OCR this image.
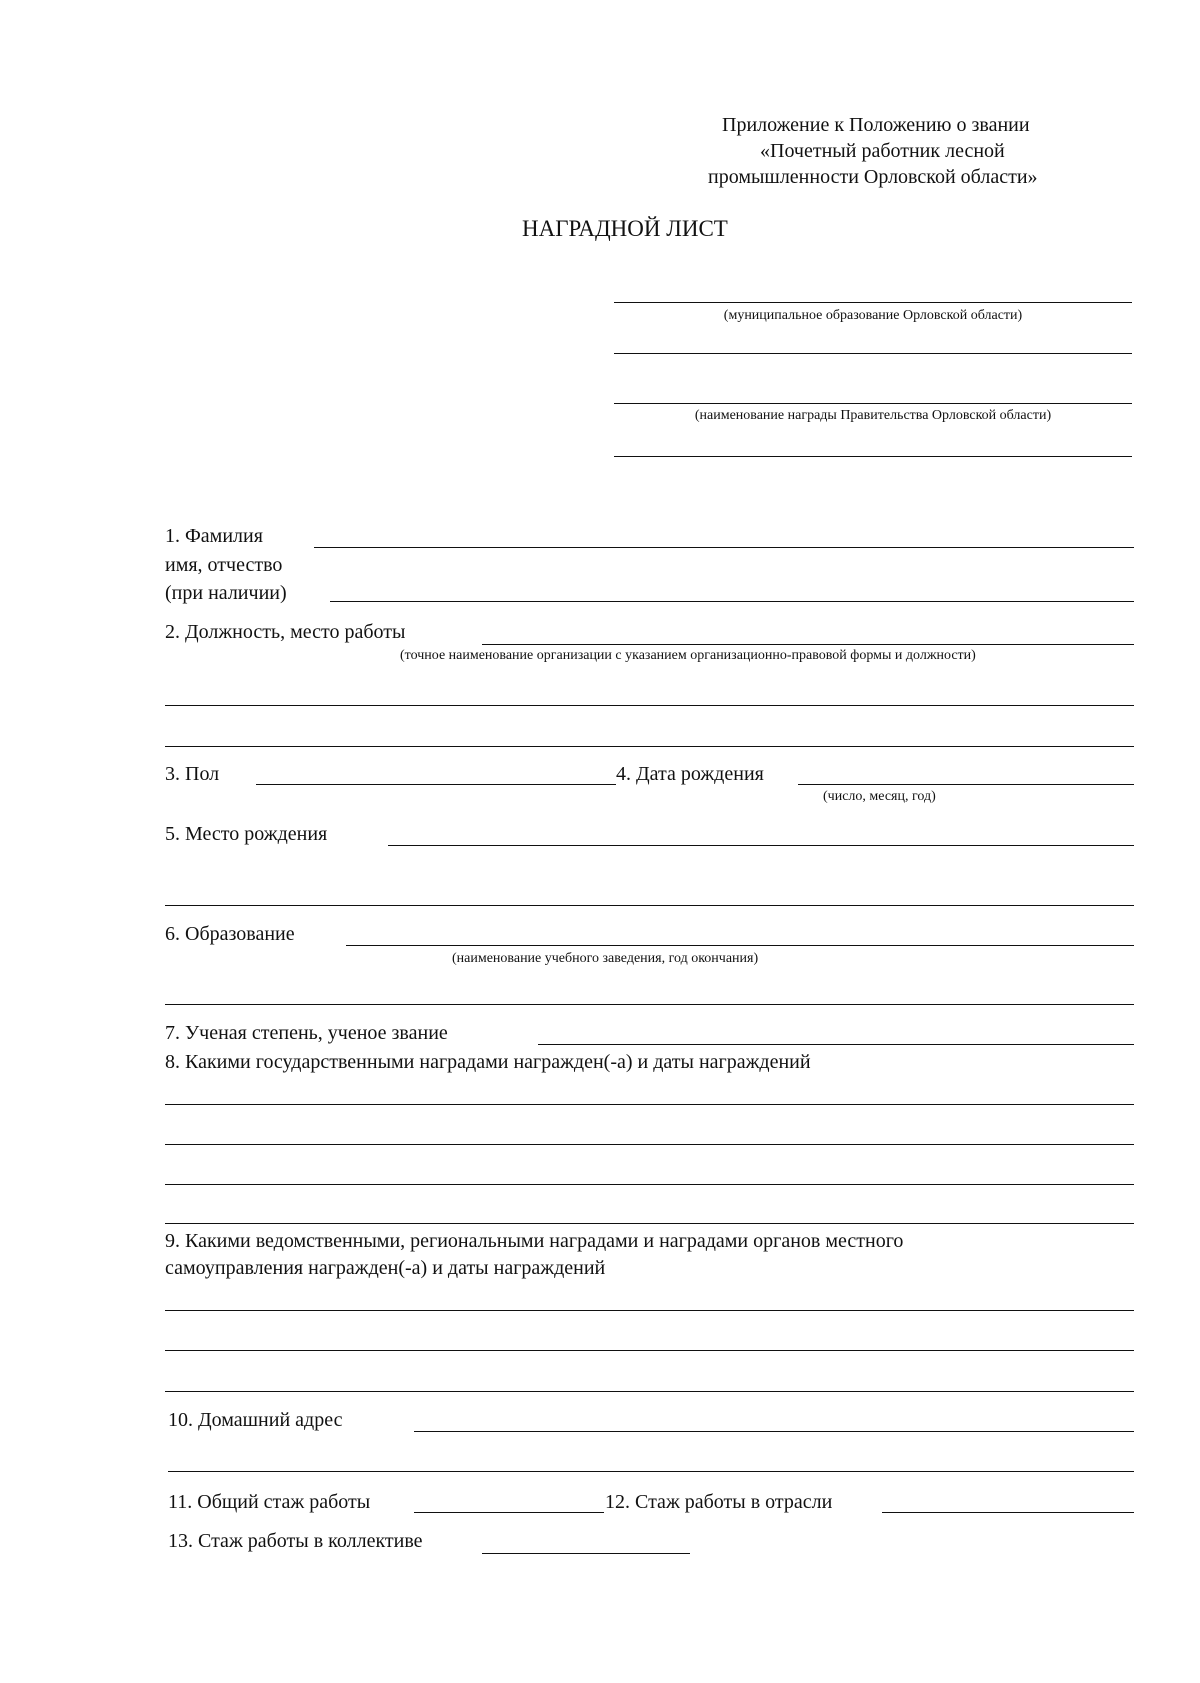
Приложение к Положению о звании
«Почетный работник лесной
промышленности Орловской области»
НАГРАДНОЙ ЛИСТ
(муниципальное образование Орловской области)
(наименование награды Правительства Орловской области)
1. Фамилия
имя, отчество
(при наличии)
2. Должность, место работы
(точное наименование организации с указанием организационно-правовой формы и должности)
3. Пол	4. Дата рождения
(число, месяц, год)
5. Место рождения
6. Образование
(наименование учебного заведения, год окончания)
7. Ученая степень, ученое звание
8. Какими государственными наградами награжден(-а) и даты награждений
9. Какими ведомственными, региональными наградами и наградами органов местного
самоуправления награжден(-а) и даты награждений
10. Домашний адрес
11. Общий стаж работы	12. Стаж работы в отрасли
13. Стаж работы в коллективе
